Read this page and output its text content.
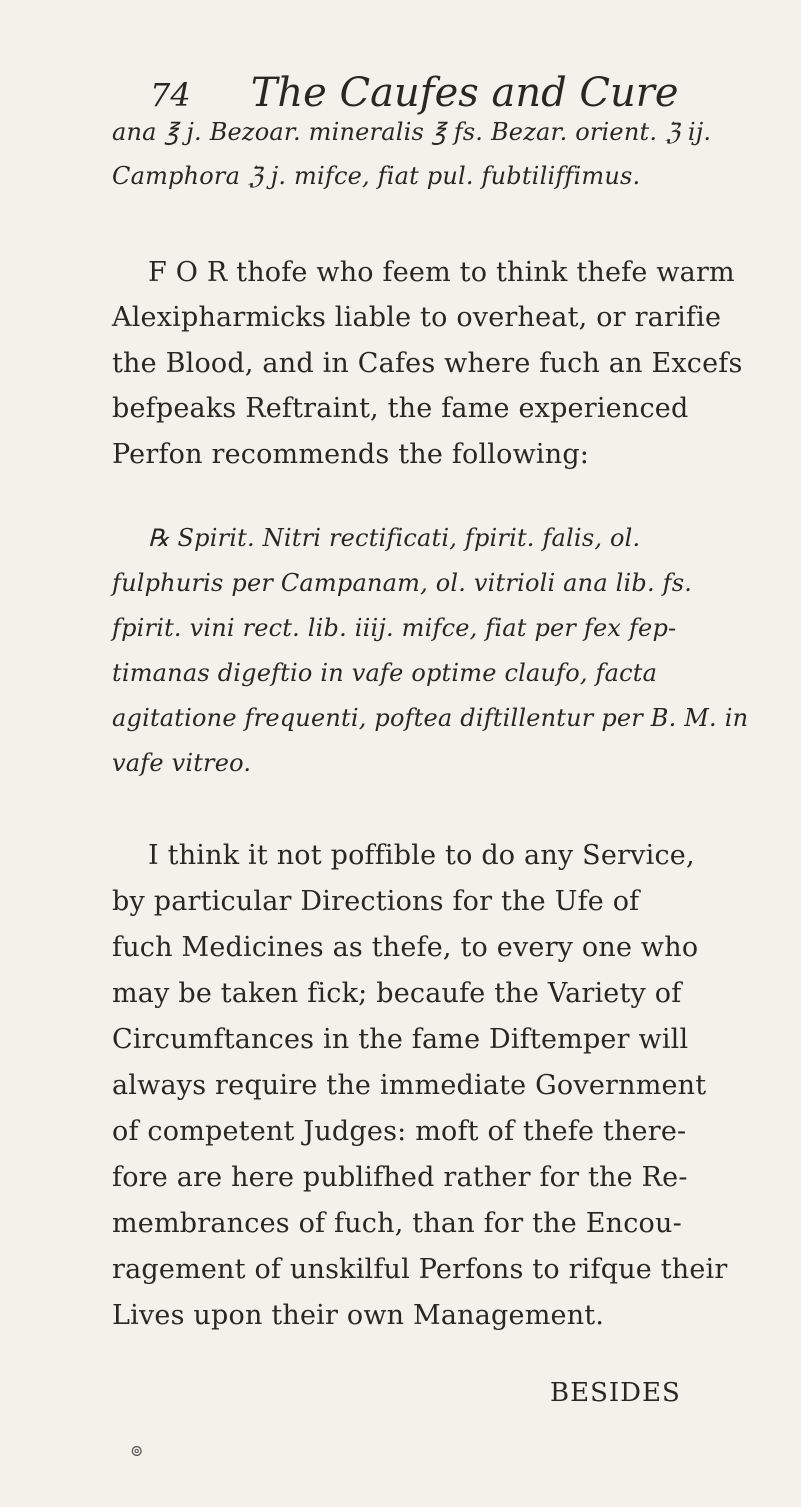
74 The Caufes and Cure
ana ℥ j. Bezoar. mineralis ℥ fs. Bezar. orient. ℨ ij.
Camphora ℨ j. mifce, fiat pul. fubtiliffimus.
F O R thofe who feem to think thefe warm
Alexipharmicks liable to overheat, or rarifie
the Blood, and in Cafes where fuch an Excefs
befpeaks Reftraint, the fame experienced
Perfon recommends the following:
℞ Spirit. Nitri rectificati, fpirit. falis, ol.
fulphuris per Campanam, ol. vitrioli ana lib. fs.
fpirit. vini rect. lib. iiij. mifce, fiat per fex fep-
timanas digeftio in vafe optime claufo, facta
agitatione frequenti, poftea diftillentur per B. M. in
vafe vitreo.
I think it not poffible to do any Service,
by particular Directions for the Ufe of
fuch Medicines as thefe, to every one who
may be taken fick; becaufe the Variety of
Circumftances in the fame Diftemper will
always require the immediate Government
of competent Judges: moft of thefe there-
fore are here publifhed rather for the Re-
membrances of fuch, than for the Encou-
ragement of unskilful Perfons to rifque their
Lives upon their own Management.
BESIDES
⊚
